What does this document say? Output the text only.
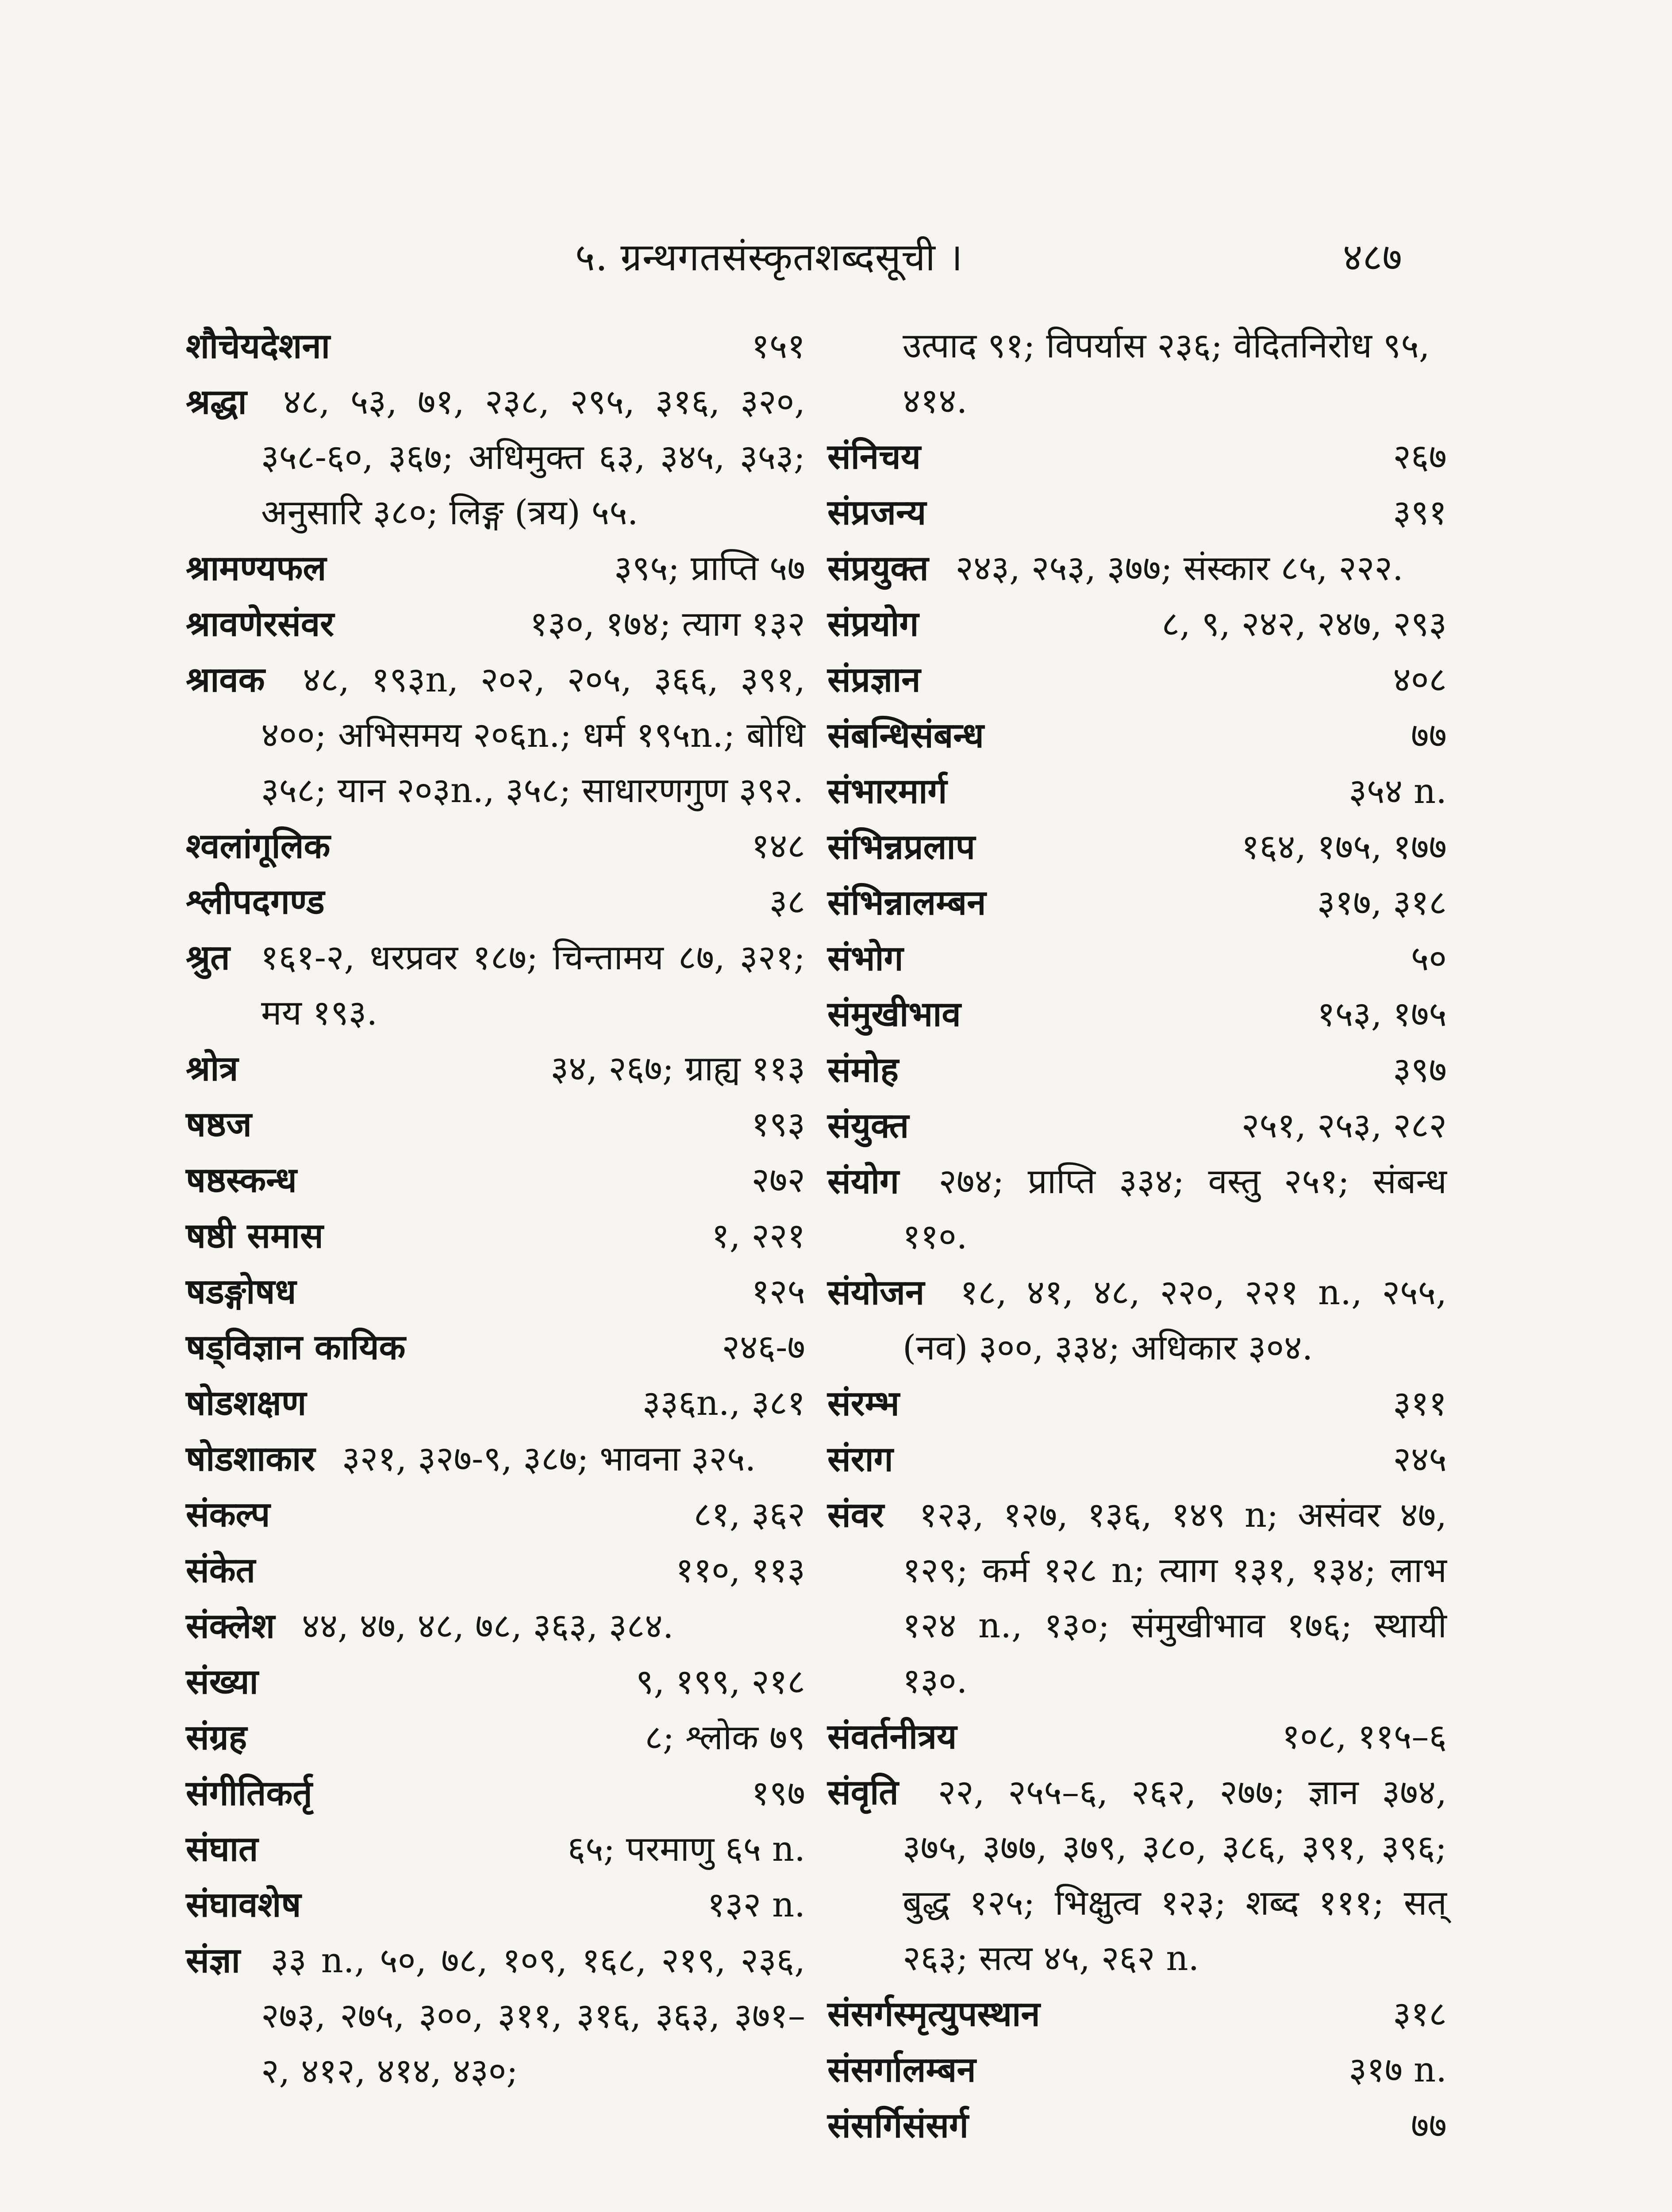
५. ग्रन्थगतसंस्कृतशब्दसूची ।	४८७
शौचेयदेशना	१५१
श्रद्धा ४८, ५३, ७१, २३८, २९५, ३१६, ३२०, ३५८-६०, ३६७; अधिमुक्त ६३, ३४५, ३५३; अनुसारि ३८०; लिङ्ग (त्रय) ५५.
श्रामण्यफल	३९५; प्राप्ति ५७
श्रावणेरसंवर	१३०, १७४; त्याग १३२
श्रावक ४८, १९३n, २०२, २०५, ३६६, ३९१, ४००; अभिसमय २०६n.; धर्म १९५n.; बोधि ३५८; यान २०३n., ३५८; साधारणगुण ३९२.
श्वलांगूलिक	१४८
श्लीपदगण्ड	३८
श्रुत १६१-२, धरप्रवर १८७; चिन्तामय ८७, ३२१; मय १९३.
श्रोत्र	३४, २६७; ग्राह्य ११३
षष्ठज	१९३
षष्ठस्कन्ध	२७२
षष्ठी समास	१, २२१
षडङ्गोषध	१२५
षड्विज्ञान कायिक	२४६-७
षोडशक्षण	३३६n., ३८१
षोडशाकार ३२१, ३२७-९, ३८७; भावना ३२५.
संकल्प	८१, ३६२
संकेत	११०, ११३
संक्लेश ४४, ४७, ४८, ७८, ३६३, ३८४.
संख्या	९, १९९, २१८
संग्रह	८; श्लोक ७९
संगीतिकर्तृ	१९७
संघात	६५; परमाणु ६५ n.
संघावशेष	१३२ n.
संज्ञा ३३ n., ५०, ७८, १०९, १६८, २१९, २३६, २७३, २७५, ३००, ३११, ३१६, ३६३, ३७१–२, ४१२, ४१४, ४३०;
उत्पाद ९१; विपर्यास २३६; वेदितनिरोध ९५, ४१४.
संनिचय	२६७
संप्रजन्य	३९१
संप्रयुक्त २४३, २५३, ३७७; संस्कार ८५, २२२.
संप्रयोग	८, ९, २४२, २४७, २९३
संप्रज्ञान	४०८
संबन्धिसंबन्ध	७७
संभारमार्ग	३५४ n.
संभिन्नप्रलाप	१६४, १७५, १७७
संभिन्नालम्बन	३१७, ३१८
संभोग	५०
संमुखीभाव	१५३, १७५
संमोह	३९७
संयुक्त	२५१, २५३, २८२
संयोग २७४; प्राप्ति ३३४; वस्तु २५१; संबन्ध ११०.
संयोजन १८, ४१, ४८, २२०, २२१ n., २५५, (नव) ३००, ३३४; अधिकार ३०४.
संरम्भ	३११
संराग	२४५
संवर १२३, १२७, १३६, १४९ n; असंवर ४७, १२९; कर्म १२८ n; त्याग १३१, १३४; लाभ १२४ n., १३०; संमुखीभाव १७६; स्थायी १३०.
संवर्तनीत्रय	१०८, ११५–६
संवृति २२, २५५–६, २६२, २७७; ज्ञान ३७४, ३७५, ३७७, ३७९, ३८०, ३८६, ३९१, ३९६; बुद्ध १२५; भिक्षुत्व १२३; शब्द १११; सत् २६३; सत्य ४५, २६२ n.
संसर्गस्मृत्युपस्थान	३१८
संसर्गालम्बन	३१७ n.
संसर्गिसंसर्ग	७७
